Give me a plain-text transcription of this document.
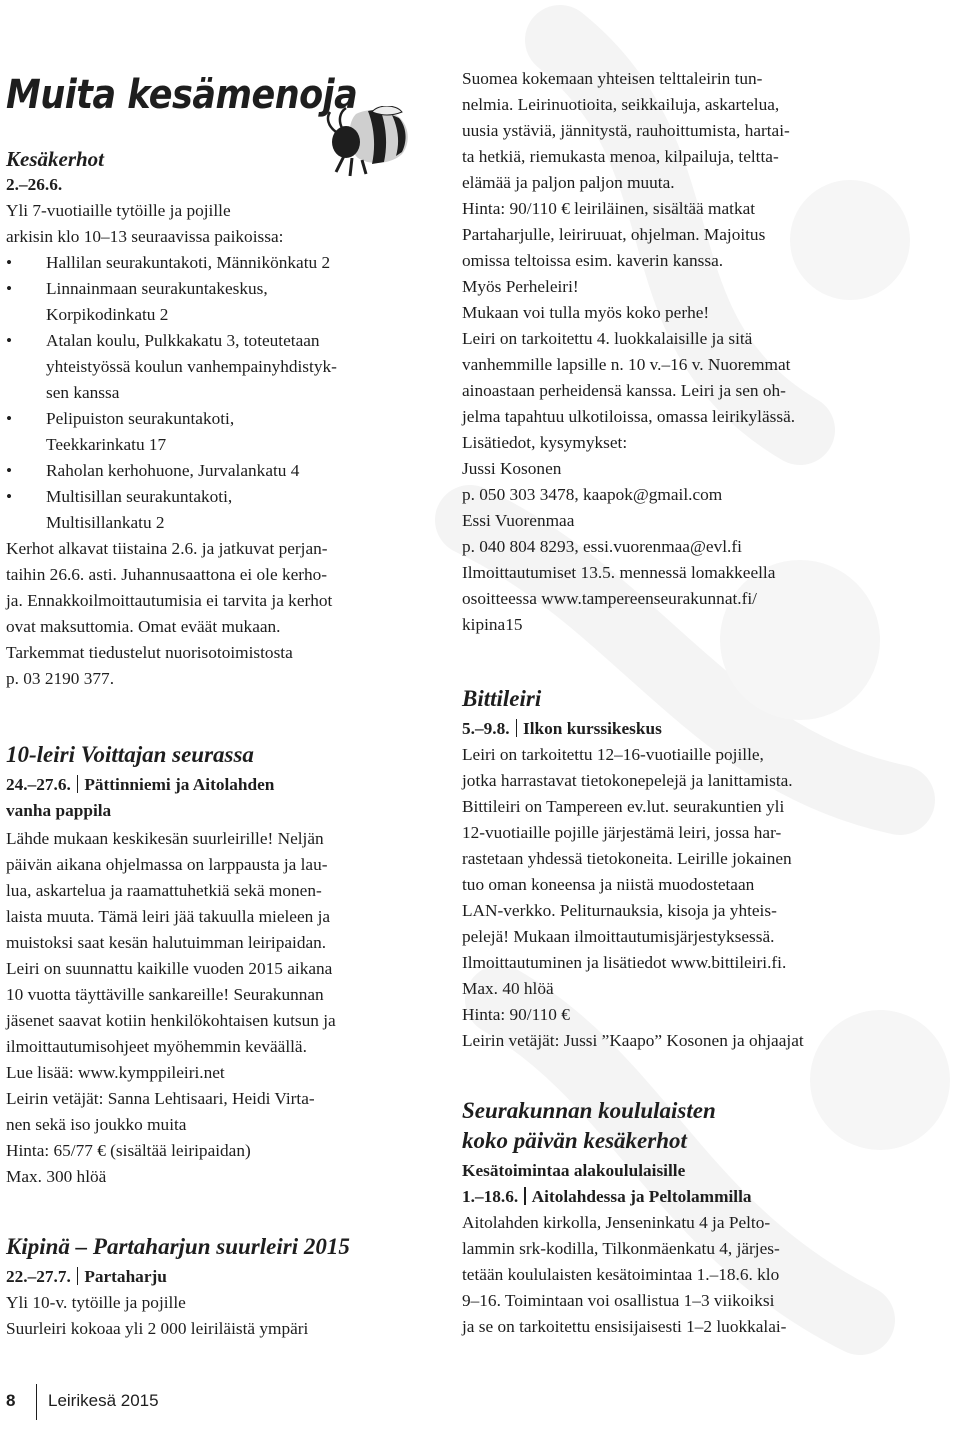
Muita kesämenoja
Kesäkerhot
2.–26.6.
Yli 7-vuotiaille tytöille ja pojille
arkisin klo 10–13 seuraavissa paikoissa:
• Hallilan seurakuntakoti, Männikönkatu 2
• Linnainmaan seurakuntakeskus,
Korpikodinkatu 2
• Atalan koulu, Pulkkakatu 3, toteutetaan
yhteistyössä koulun vanhempainyhdistyk-
sen kanssa
• Pelipuiston seurakuntakoti,
Teekkarinkatu 17
• Raholan kerhohuone, Jurvalankatu 4
• Multisillan seurakuntakoti,
Multisillankatu 2
Kerhot alkavat tiistaina 2.6. ja jatkuvat perjan-
taihin 26.6. asti. Juhannusaattona ei ole kerho-
ja. Ennakkoilmoittautumisia ei tarvita ja kerhot
ovat maksuttomia. Omat eväät mukaan.
Tarkemmat tiedustelut nuorisotoimistosta
p. 03 2190 377.
10-leiri Voittajan seurassa
24.–27.6. Pättinniemi ja Aitolahden
vanha pappila
Lähde mukaan keskikesän suurleirille! Neljän
päivän aikana ohjelmassa on larppausta ja lau-
lua, askartelua ja raamattuhetkiä sekä monen-
laista muuta. Tämä leiri jää takuulla mieleen ja
muistoksi saat kesän halutuimman leiripaidan.
Leiri on suunnattu kaikille vuoden 2015 aikana
10 vuotta täyttäville sankareille! Seurakunnan
jäsenet saavat kotiin henkilökohtaisen kutsun ja
ilmoittautumisohjeet myöhemmin keväällä.
Lue lisää: www.kymppileiri.net
Leirin vetäjät: Sanna Lehtisaari, Heidi Virta-
nen sekä iso joukko muita
Hinta: 65/77 € (sisältää leiripaidan)
Max. 300 hlöä
Kipinä – Partaharjun suurleiri 2015
22.–27.7. Partaharju
Yli 10-v. tytöille ja pojille
Suurleiri kokoaa yli 2 000 leiriläistä ympäri
Suomea kokemaan yhteisen telttaleirin tun-
nelmia. Leirinuotioita, seikkailuja, askartelua,
uusia ystäviä, jännitystä, rauhoittumista, hartai-
ta hetkiä, riemukasta menoa, kilpailuja, teltta-
elämää ja paljon paljon muuta.
Hinta: 90/110 € leiriläinen, sisältää matkat
Partaharjulle, leiriruuat, ohjelman. Majoitus
omissa teltoissa esim. kaverin kanssa.
Myös Perheleiri!
Mukaan voi tulla myös koko perhe!
Leiri on tarkoitettu 4. luokkalaisille ja sitä
vanhemmille lapsille n. 10 v.–16 v. Nuoremmat
ainoastaan perheidensä kanssa. Leiri ja sen oh-
jelma tapahtuu ulkotiloissa, omassa leirikylässä.
Lisätiedot, kysymykset:
Jussi Kosonen
p. 050 303 3478, kaapok@gmail.com
Essi Vuorenmaa
p. 040 804 8293, essi.vuorenmaa@evl.fi
Ilmoittautumiset 13.5. mennessä lomakkeella
osoitteessa www.tampereenseurakunnat.fi/
kipina15
Bittileiri
5.–9.8. Ilkon kurssikeskus
Leiri on tarkoitettu 12–16-vuotiaille pojille,
jotka harrastavat tietokonepelejä ja lanittamista.
Bittileiri on Tampereen ev.lut. seurakuntien yli
12-vuotiaille pojille järjestämä leiri, jossa har-
rastetaan yhdessä tietokoneita. Leirille jokainen
tuo oman koneensa ja niistä muodostetaan
LAN-verkko. Peliturnauksia, kisoja ja yhteis-
pelejä! Mukaan ilmoittautumisjärjestyksessä.
Ilmoittautuminen ja lisätiedot www.bittileiri.fi.
Max. 40 hlöä
Hinta: 90/110 €
Leirin vetäjät: Jussi ”Kaapo” Kosonen ja ohjaajat
Seurakunnan koululaisten
koko päivän kesäkerhot
Kesätoimintaa alakoululaisille
1.–18.6. Aitolahdessa ja Peltolammilla
Aitolahden kirkolla, Jenseninkatu 4 ja Pelto-
lammin srk-kodilla, Tilkonmäenkatu 4, järjes-
tetään koululaisten kesätoimintaa 1.–18.6. klo
9–16. Toimintaan voi osallistua 1–3 viikoiksi
ja se on tarkoitettu ensisijaisesti 1–2 luokkalai-
8 Leirikesä 2015
